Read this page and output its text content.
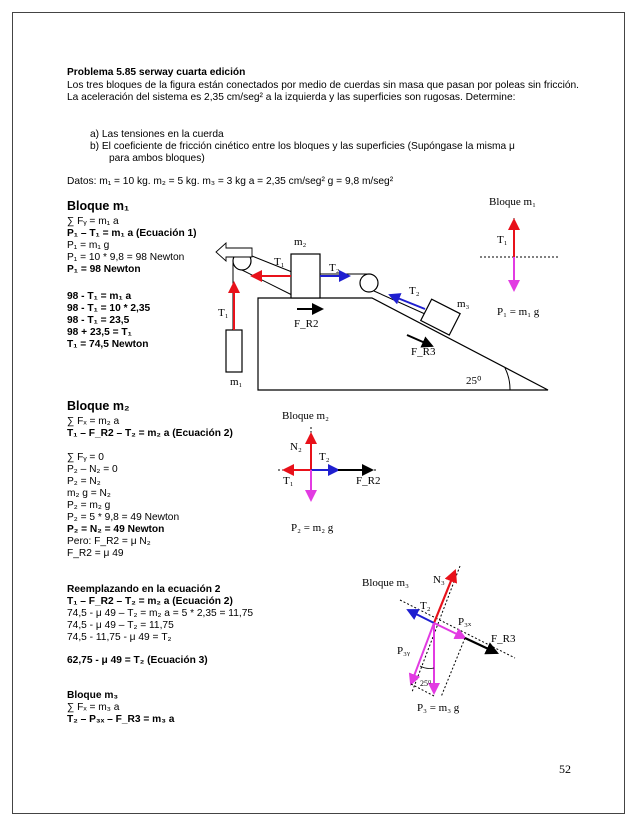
Problema 5.85 serway cuarta edición
Los tres bloques de la figura están conectados por medio de cuerdas sin masa que pasan por poleas sin fricción. La aceleración del sistema es 2,35 cm/seg² a la izquierda y las superficies son rugosas. Determine:
a) Las tensiones en la cuerda
b) El coeficiente de fricción cinético entre los bloques y las superficies (Supóngase la misma μ
para ambos bloques)
Datos: m₁ = 10 kg. m₂ = 5 kg. m₃ = 3 kg a = 2,35 cm/seg² g = 9,8 m/seg²
Bloque m₁
∑ Fᵧ = m₁ a
P₁ – T₁ = m₁ a (Ecuación 1)
P₁ = m₁ g
P₁ = 10 * 9,8 = 98 Newton
P₁ = 98 Newton
98 - T₁ = m₁ a
98 - T₁ = 10 * 2,35
98 - T₁ = 23,5
98 + 23,5 = T₁
T₁ = 74,5 Newton
Bloque m₂
∑ Fₓ = m₂ a
T₁ – F_R2 – T₂ = m₂ a (Ecuación 2)
∑ Fᵧ = 0
P₂ – N₂ = 0
P₂ = N₂
m₂ g = N₂
P₂ = m₂ g
P₂ = 5 * 9,8 = 49 Newton
P₂ = N₂ = 49 Newton
Pero: F_R2 = μ N₂
F_R2 = μ 49
Reemplazando en la ecuación 2
T₁ – F_R2 – T₂ = m₂ a (Ecuación 2)
74,5 - μ 49 – T₂ = m₂ a = 5 * 2,35 = 11,75
74,5 - μ 49 – T₂ = 11,75
74,5 - 11,75 - μ 49 = T₂
62,75 - μ 49 = T₂ (Ecuación 3)
Bloque m₃
∑ Fₓ = m₃ a
T₂ – P₃ₓ – F_R3 = m₃ a
m₂
T₁	T₂
T₂
m₃
T₁
F_R2
F_R3
m₁	25⁰
Bloque m₁
T₁
P₁ = m₁ g
Bloque m₂
N₂
T₂
T₁	F_R2
P₂ = m₂ g
Bloque m₃ N₃
T₂
P₃ₓ
F_R3
P₃ᵧ
25⁰
P₃ = m₃ g
52
